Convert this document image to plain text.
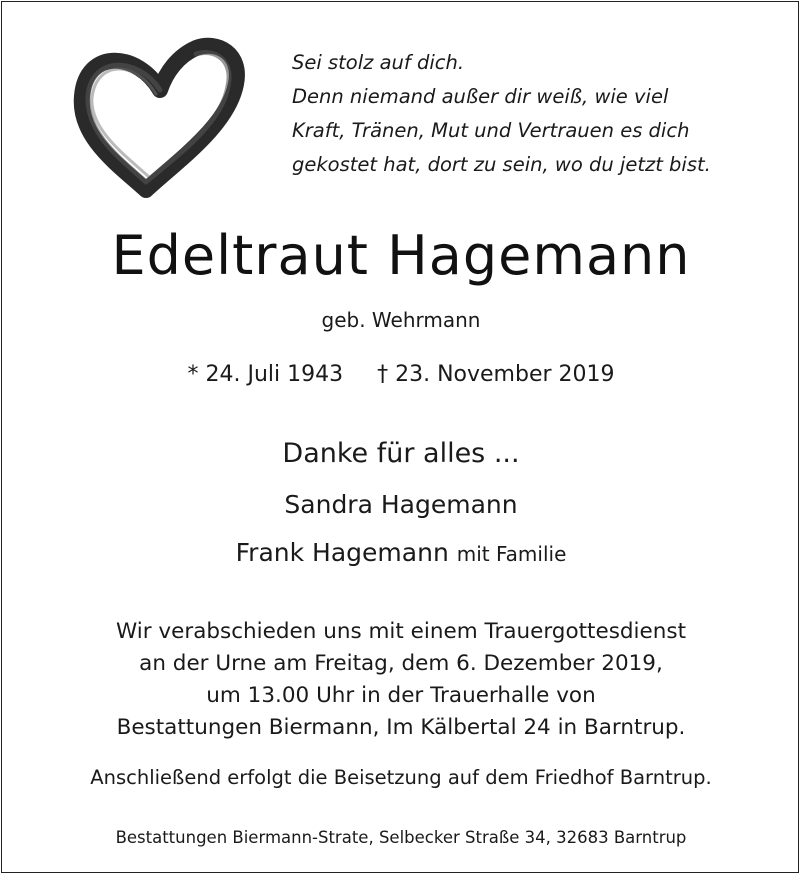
Sei stolz auf dich.
Denn niemand außer dir weiß, wie viel
Kraft, Tränen, Mut und Vertrauen es dich
gekostet hat, dort zu sein, wo du jetzt bist.
Edeltraut Hagemann
geb. Wehrmann
* 24. Juli 1943 † 23. November 2019
Danke für alles ...
Sandra Hagemann
Frank Hagemann mit Familie
Wir verabschieden uns mit einem Trauergottesdienst
an der Urne am Freitag, dem 6. Dezember 2019,
um 13.00 Uhr in der Trauerhalle von
Bestattungen Biermann, Im Kälbertal 24 in Barntrup.
Anschließend erfolgt die Beisetzung auf dem Friedhof Barntrup.
Bestattungen Biermann-Strate, Selbecker Straße 34, 32683 Barntrup
